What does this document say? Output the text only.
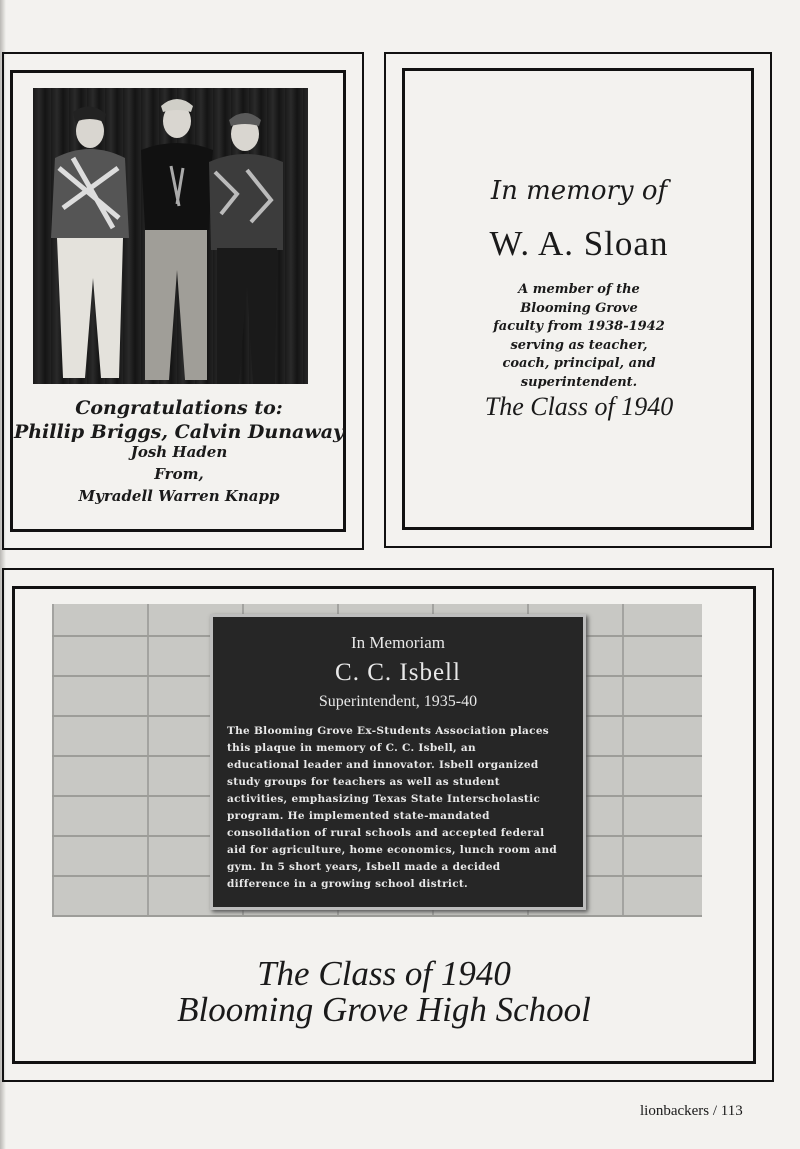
Congratulations to:
Phillip Briggs, Calvin Dunaway
Josh Haden
From,
Myradell Warren Knapp
In memory of
W. A. Sloan
A member of the
Blooming Grove
faculty from 1938-1942
serving as teacher,
coach, principal, and
superintendent.
The Class of 1940
In Memoriam
C. C. Isbell
Superintendent, 1935-40
The Blooming Grove Ex-Students Association places
this plaque in memory of C. C. Isbell, an
educational leader and innovator. Isbell organized
study groups for teachers as well as student
activities, emphasizing Texas State Interscholastic
program. He implemented state-mandated
consolidation of rural schools and accepted federal
aid for agriculture, home economics, lunch room and
gym. In 5 short years, Isbell made a decided
difference in a growing school district.
The Class of 1940
Blooming Grove High School
lionbackers / 113
